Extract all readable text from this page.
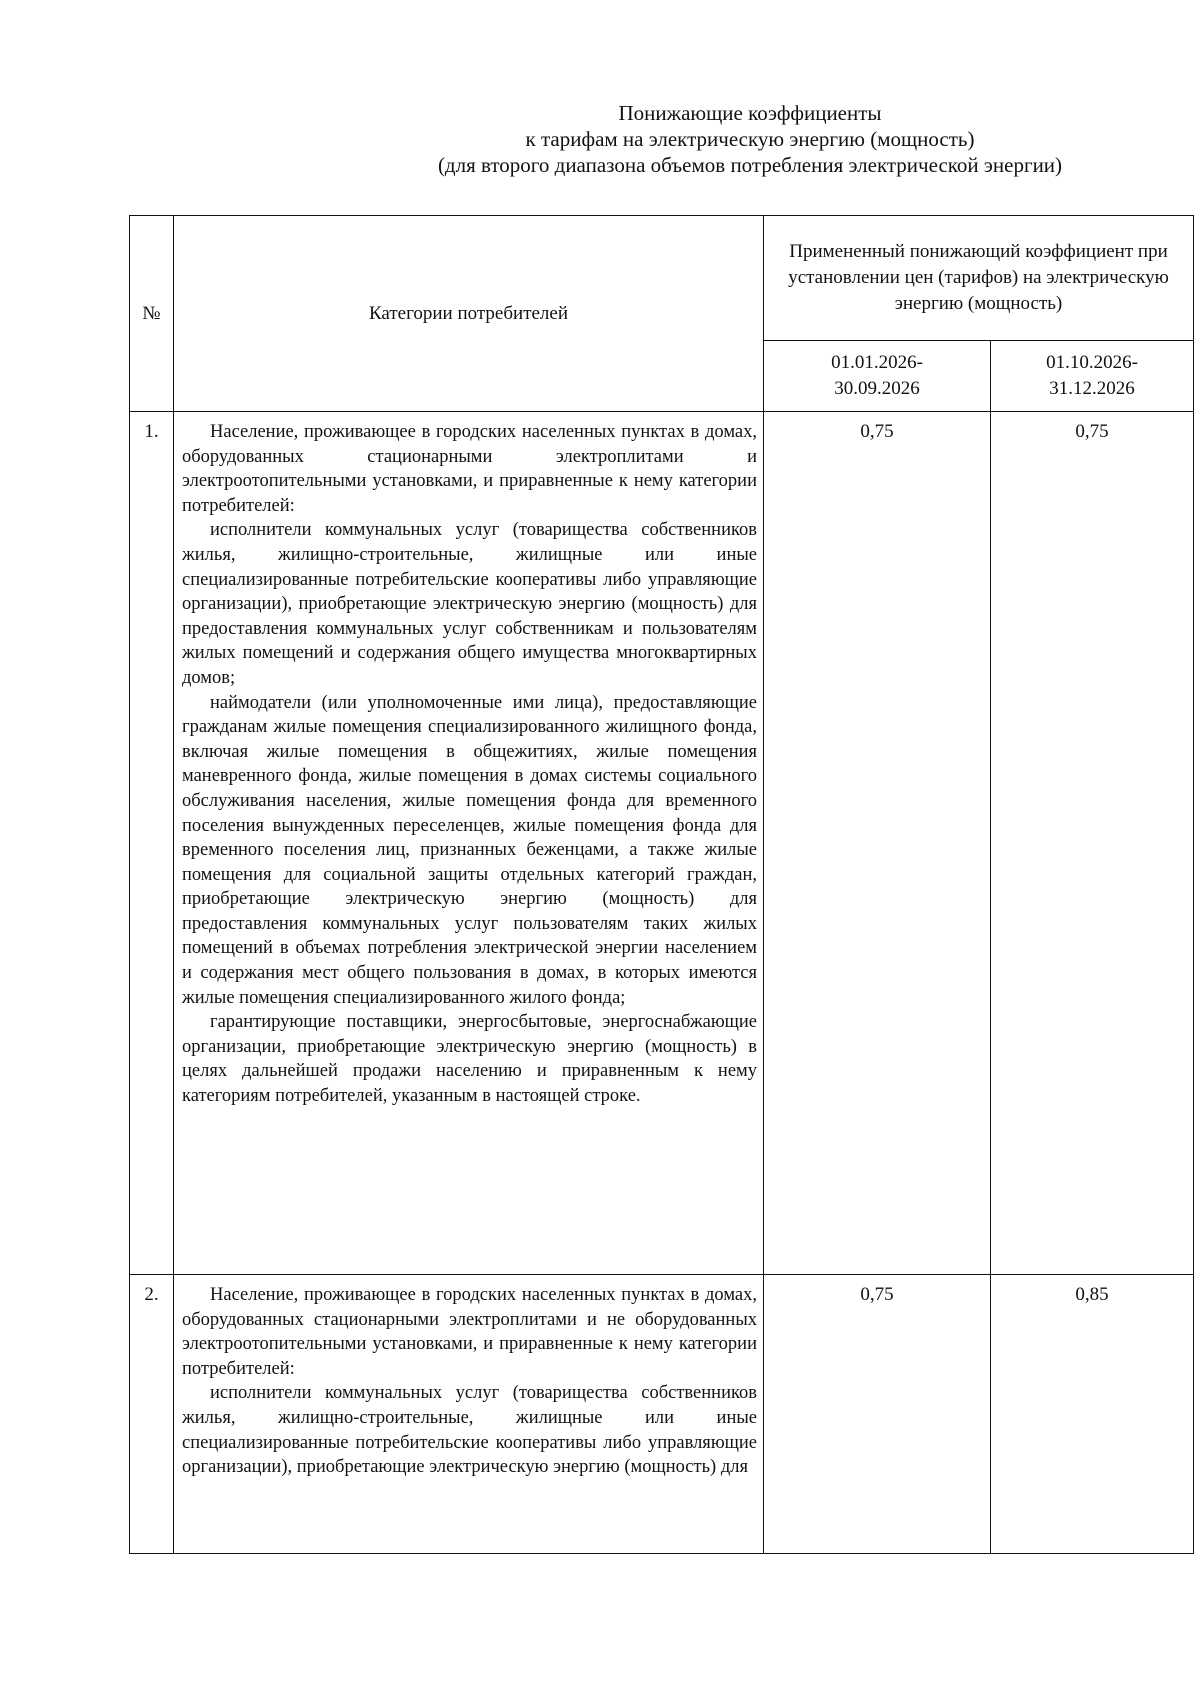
Понижающие коэффициенты
к тарифам на электрическую энергию (мощность)
(для второго диапазона объемов потребления электрической энергии)
№	Категории потребителей	Примененный понижающий коэффициент при установлении цен (тарифов) на электрическую энергию (мощность)	
		01.01.2026- 30.09.2026	01.10.2026- 31.12.2026
1.	Население, проживающее в городских населенных пунктах в домах, оборудованных стационарными электроплитами и электроотопительными установками, и приравненные к нему категории потребителей:

исполнители коммунальных услуг (товарищества собственников жилья, жилищно-строительные, жилищные или иные специализированные потребительские кооперативы либо управляющие организации), приобретающие электрическую энергию (мощность) для предоставления коммунальных услуг собственникам и пользователям жилых помещений и содержания общего имущества многоквартирных домов;

наймодатели (или уполномоченные ими лица), предоставляющие гражданам жилые помещения специализированного жилищного фонда, включая жилые помещения в общежитиях, жилые помещения маневренного фонда, жилые помещения в домах системы социального обслуживания населения, жилые помещения фонда для временного поселения вынужденных переселенцев, жилые помещения фонда для временного поселения лиц, признанных беженцами, а также жилые помещения для социальной защиты отдельных категорий граждан, приобретающие электрическую энергию (мощность) для предоставления коммунальных услуг пользователям таких жилых помещений в объемах потребления электрической энергии населением и содержания мест общего пользования в домах, в которых имеются жилые помещения специализированного жилого фонда;

гарантирующие поставщики, энергосбытовые, энергоснабжающие организации, приобретающие электрическую энергию (мощность) в целях дальнейшей продажи населению и приравненным к нему категориям потребителей, указанным в настоящей строке.	0,75	0,75
2.	Население, проживающее в городских населенных пунктах в домах, оборудованных стационарными электроплитами и не оборудованных электроотопительными установками, и приравненные к нему категории потребителей:

исполнители коммунальных услуг (товарищества собственников жилья, жилищно-строительные, жилищные или иные специализированные потребительские кооперативы либо управляющие организации), приобретающие электрическую энергию (мощность) для	0,75	0,85
